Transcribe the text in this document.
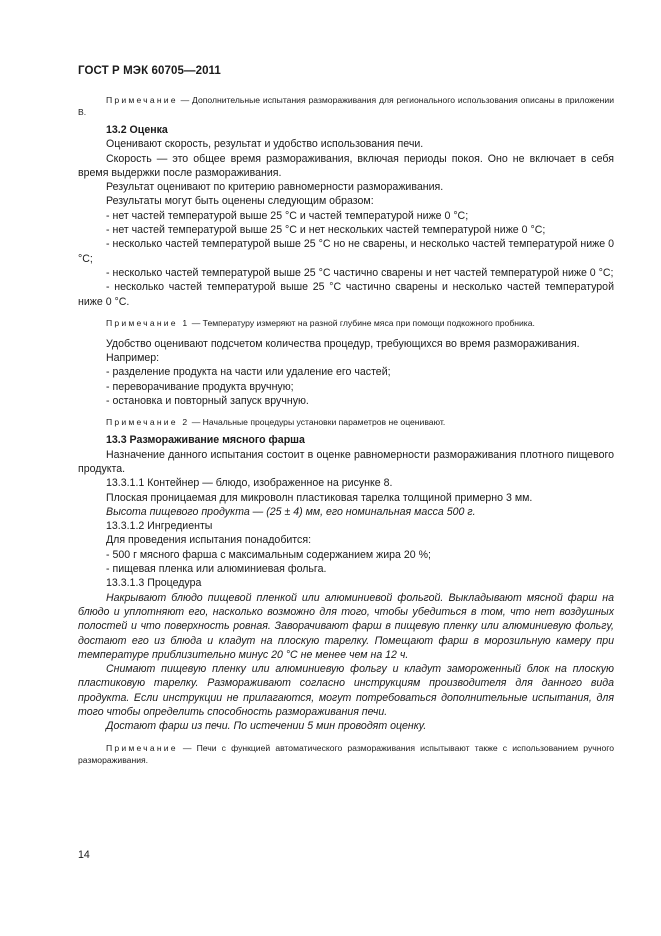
ГОСТ Р МЭК 60705—2011

Примечание — Дополнительные испытания размораживания для регионального использования описаны в приложении В.

13.2 Оценка

Оценивают скорость, результат и удобство использования печи.

Скорость — это общее время размораживания, включая периоды покоя. Оно не включает в себя время выдержки после размораживания.

Результат оценивают по критерию равномерности размораживания.

Результаты могут быть оценены следующим образом:

- нет частей температурой выше 25 °С и частей температурой ниже 0 °С;

- нет частей температурой выше 25 °С и нет нескольких частей температурой ниже 0 °С;

- несколько частей температурой выше 25 °С но не сварены, и несколько частей температурой ниже 0 °С;

- несколько частей температурой выше 25 °С частично сварены и нет частей температурой ниже 0 °С;

- несколько частей температурой выше 25 °С частично сварены и несколько частей температурой ниже 0 °С.

Примечание 1 — Температуру измеряют на разной глубине мяса при помощи подкожного пробника.

Удобство оценивают подсчетом количества процедур, требующихся во время размораживания.

Например:

- разделение продукта на части или удаление его частей;

- переворачивание продукта вручную;

- остановка и повторный запуск вручную.

Примечание 2 — Начальные процедуры установки параметров не оценивают.

13.3 Размораживание мясного фарша

Назначение данного испытания состоит в оценке равномерности размораживания плотного пищевого продукта.

13.3.1.1 Контейнер — блюдо, изображенное на рисунке 8.

Плоская проницаемая для микроволн пластиковая тарелка толщиной примерно 3 мм.

Высота пищевого продукта — (25 ± 4) мм, его номинальная масса 500 г.

13.3.1.2 Ингредиенты

Для проведения испытания понадобится:

- 500 г мясного фарша с максимальным содержанием жира 20 %;

- пищевая пленка или алюминиевая фольга.

13.3.1.3 Процедура

Накрывают блюдо пищевой пленкой или алюминиевой фольгой. Выкладывают мясной фарш на блюдо и уплотняют его, насколько возможно для того, чтобы убедиться в том, что нет воздушных полостей и что поверхность ровная. Заворачивают фарш в пищевую пленку или алюминиевую фольгу, достают его из блюда и кладут на плоскую тарелку. Помещают фарш в морозильную камеру при температуре приблизительно минус 20 °С не менее чем на 12 ч.

Снимают пищевую пленку или алюминиевую фольгу и кладут замороженный блок на плоскую пластиковую тарелку. Размораживают согласно инструкциям производителя для данного вида продукта. Если инструкции не прилагаются, могут потребоваться дополнительные испытания, для того чтобы определить способность размораживания печи.

Достают фарш из печи. По истечении 5 мин проводят оценку.

Примечание — Печи с функцией автоматического размораживания испытывают также с использованием ручного размораживания.

14
